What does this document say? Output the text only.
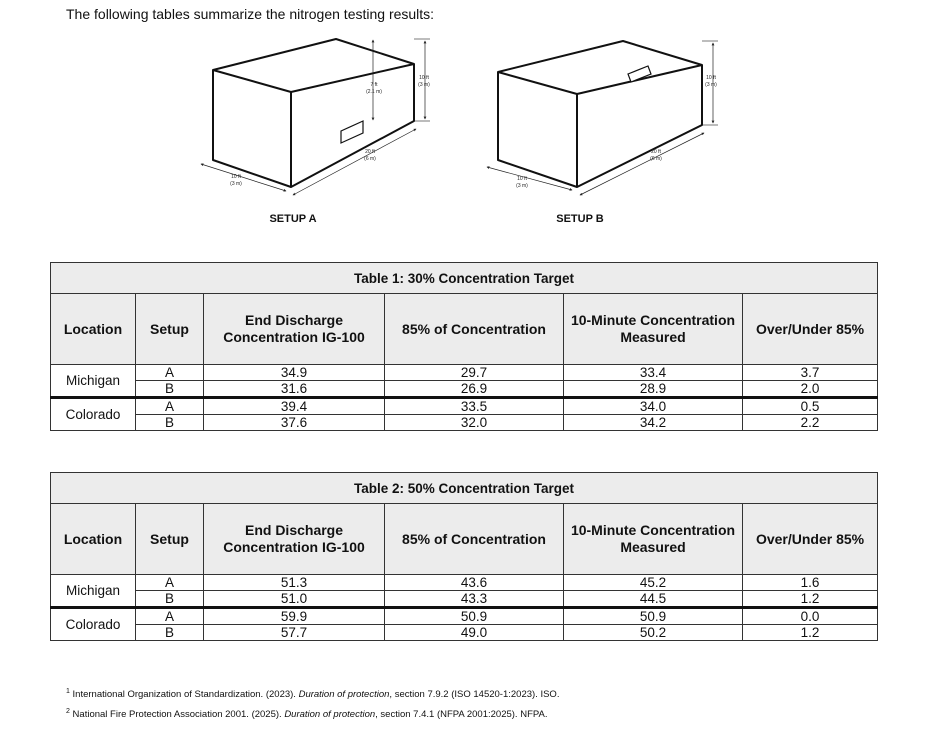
The following tables summarize the nitrogen testing results:
10 ft
(3 m)
7 ft
(2.1 m)
20 ft
(6 m)
10 ft
(3 m)
SETUP A
10 ft
(3 m)
20 ft
(6 m)
10 ft
(3 m)
SETUP B
Table 1: 30% Concentration Target					
Location	Setup	End Discharge Concentration IG-100	85% of Concentration	10-Minute Concentration Measured	Over/Under 85%
Michigan	A	34.9	29.7	33.4	3.7
	B	31.6	26.9	28.9	2.0
Colorado	A	39.4	33.5	34.0	0.5
	B	37.6	32.0	34.2	2.2
Table 2: 50% Concentration Target					
Location	Setup	End Discharge Concentration IG-100	85% of Concentration	10-Minute Concentration Measured	Over/Under 85%
Michigan	A	51.3	43.6	45.2	1.6
	B	51.0	43.3	44.5	1.2
Colorado	A	59.9	50.9	50.9	0.0
	B	57.7	49.0	50.2	1.2
$^1$ International Organization of Standardization. (2023). Duration of protection, section 7.9.2 (ISO 14520-1:2023). ISO.
$^2$ National Fire Protection Association 2001. (2025). Duration of protection, section 7.4.1 (NFPA 2001:2025). NFPA.
